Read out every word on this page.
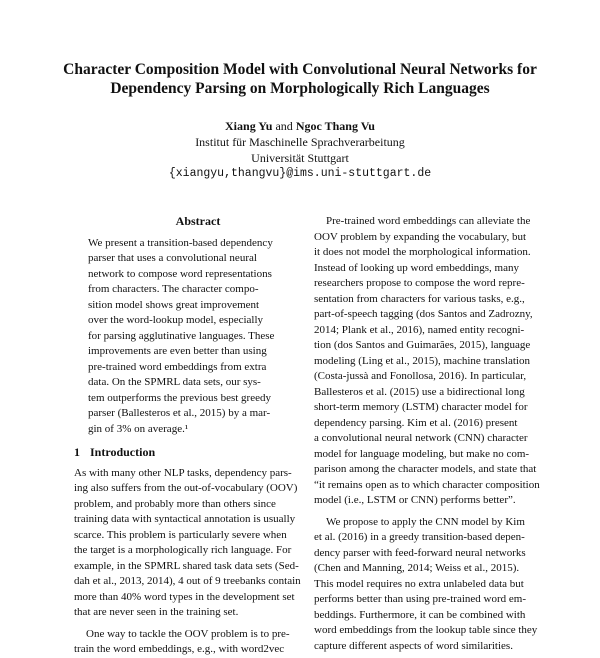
Character Composition Model with Convolutional Neural Networks for
Dependency Parsing on Morphologically Rich Languages
Xiang Yu and Ngoc Thang Vu
Institut für Maschinelle Sprachverarbeitung
Universität Stuttgart
{xiangyu,thangvu}@ims.uni-stuttgart.de
Abstract
We present a transition-based dependency
parser that uses a convolutional neural
network to compose word representations
from characters. The character compo-
sition model shows great improvement
over the word-lookup model, especially
for parsing agglutinative languages. These
improvements are even better than using
pre-trained word embeddings from extra
data. On the SPMRL data sets, our sys-
tem outperforms the previous best greedy
parser (Ballesteros et al., 2015) by a mar-
gin of 3% on average.¹
1 Introduction
As with many other NLP tasks, dependency pars-
ing also suffers from the out-of-vocabulary (OOV)
problem, and probably more than others since
training data with syntactical annotation is usually
scarce. This problem is particularly severe when
the target is a morphologically rich language. For
example, in the SPMRL shared task data sets (Sed-
dah et al., 2013, 2014), 4 out of 9 treebanks contain
more than 40% word types in the development set
that are never seen in the training set.
One way to tackle the OOV problem is to pre-
train the word embeddings, e.g., with word2vec
Pre-trained word embeddings can alleviate the
OOV problem by expanding the vocabulary, but
it does not model the morphological information.
Instead of looking up word embeddings, many
researchers propose to compose the word repre-
sentation from characters for various tasks, e.g.,
part-of-speech tagging (dos Santos and Zadrozny,
2014; Plank et al., 2016), named entity recogni-
tion (dos Santos and Guimarães, 2015), language
modeling (Ling et al., 2015), machine translation
(Costa-jussà and Fonollosa, 2016). In particular,
Ballesteros et al. (2015) use a bidirectional long
short-term memory (LSTM) character model for
dependency parsing. Kim et al. (2016) present
a convolutional neural network (CNN) character
model for language modeling, but make no com-
parison among the character models, and state that
“it remains open as to which character composition
model (i.e., LSTM or CNN) performs better”.
We propose to apply the CNN model by Kim
et al. (2016) in a greedy transition-based depen-
dency parser with feed-forward neural networks
(Chen and Manning, 2014; Weiss et al., 2015).
This model requires no extra unlabeled data but
performs better than using pre-trained word em-
beddings. Furthermore, it can be combined with
word embeddings from the lookup table since they
capture different aspects of word similarities.
